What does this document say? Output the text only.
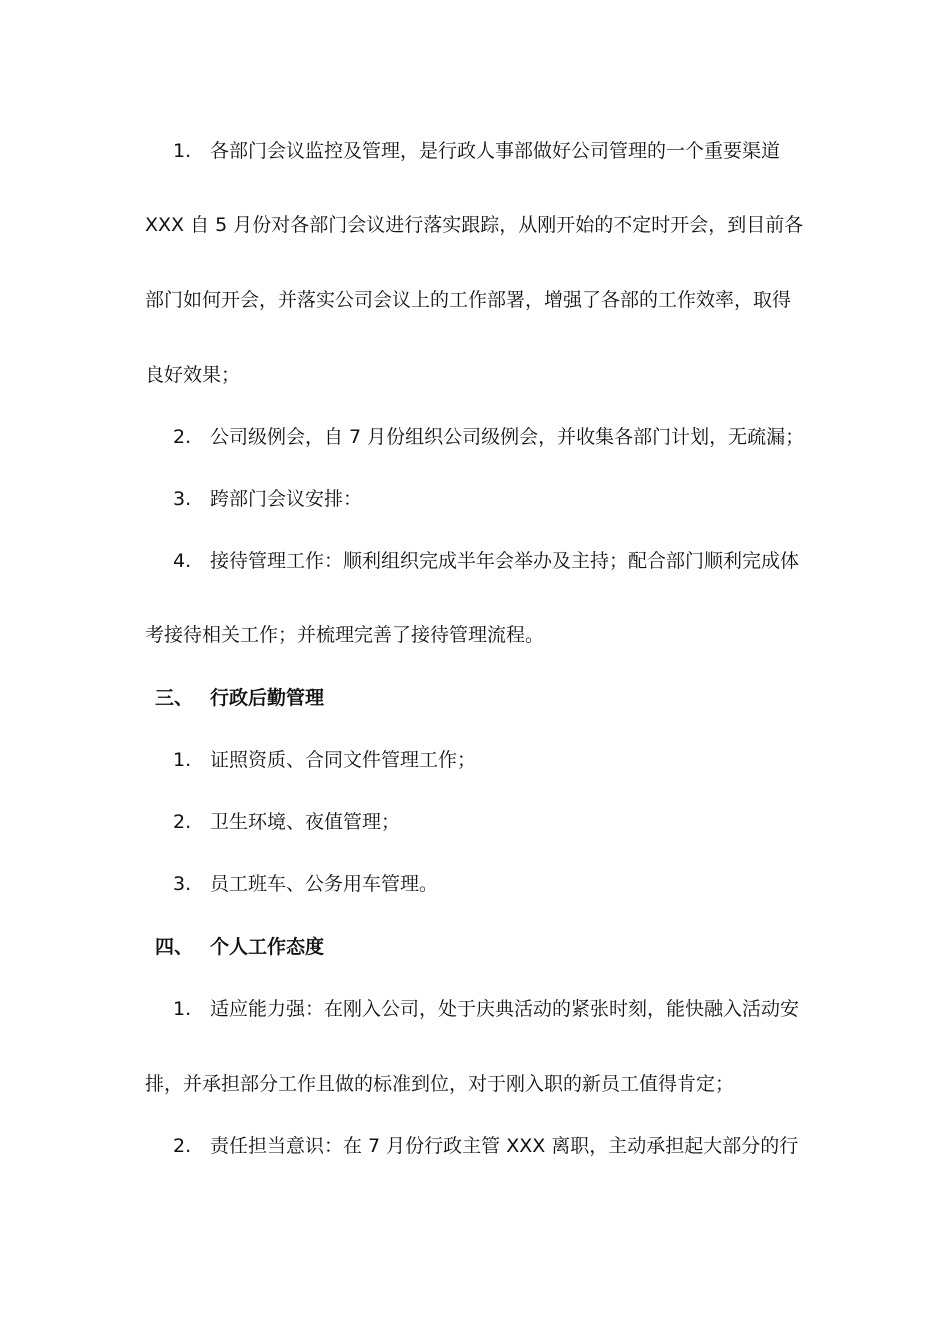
1. 各部门会议监控及管理，是行政人事部做好公司管理的一个重要渠道
XXX 自 5 月份对各部门会议进行落实跟踪，从刚开始的不定时开会，到目前各
部门如何开会，并落实公司会议上的工作部署，增强了各部的工作效率，取得
良好效果；
2. 公司级例会，自 7 月份组织公司级例会，并收集各部门计划，无疏漏；
3. 跨部门会议安排：
4. 接待管理工作：顺利组织完成半年会举办及主持；配合部门顺利完成体
考接待相关工作；并梳理完善了接待管理流程。
三、 行政后勤管理
1. 证照资质、合同文件管理工作；
2. 卫生环境、夜值管理；
3. 员工班车、公务用车管理。
四、 个人工作态度
1. 适应能力强：在刚入公司，处于庆典活动的紧张时刻，能快融入活动安
排，并承担部分工作且做的标准到位，对于刚入职的新员工值得肯定；
2. 责任担当意识：在 7 月份行政主管 XXX 离职，主动承担起大部分的行
